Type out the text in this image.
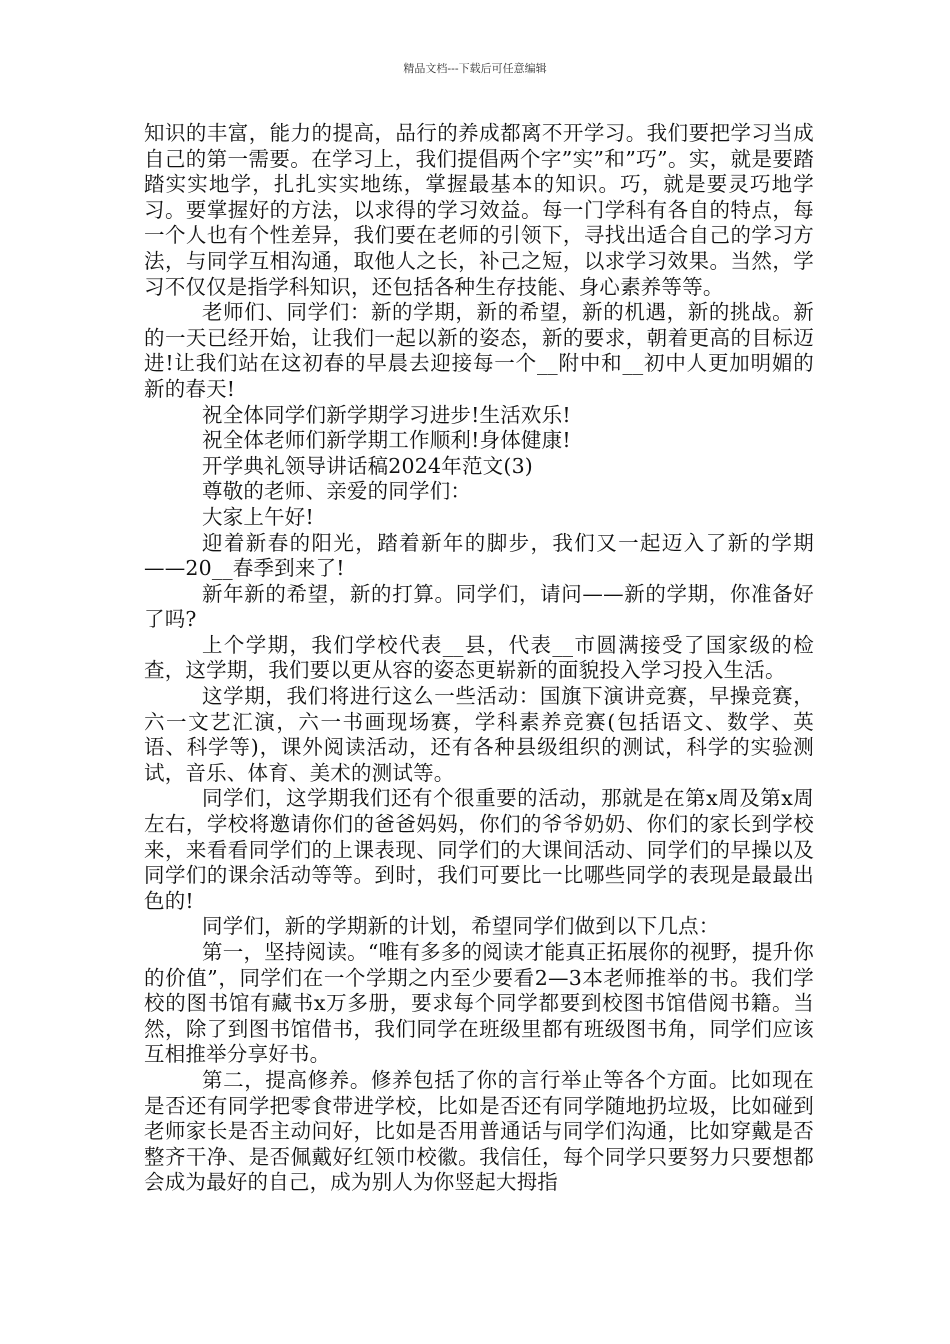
精品文档---下载后可任意编辑

知识的丰富，能力的提高，品行的养成都离不开学习。我们要把学习当成自己的第一需要。在学习上，我们提倡两个字”实”和”巧”。实，就是要踏踏实实地学，扎扎实实地练，掌握最基本的知识。巧，就是要灵巧地学习。要掌握好的方法，以求得的学习效益。每一门学科有各自的特点，每一个人也有个性差异，我们要在老师的引领下，寻找出适合自己的学习方法，与同学互相沟通，取他人之长，补己之短，以求学习效果。当然，学习不仅仅是指学科知识，还包括各种生存技能、身心素养等等。

老师们、同学们：新的学期，新的希望，新的机遇，新的挑战。新的一天已经开始，让我们一起以新的姿态，新的要求，朝着更高的目标迈进!让我们站在这初春的早晨去迎接每一个__附中和__初中人更加明媚的新的春天!

祝全体同学们新学期学习进步!生活欢乐!

祝全体老师们新学期工作顺利!身体健康!

开学典礼领导讲话稿2024年范文(3)

尊敬的老师、亲爱的同学们：

大家上午好!

迎着新春的阳光，踏着新年的脚步，我们又一起迈入了新的学期——20__春季到来了!

新年新的希望，新的打算。同学们，请问——新的学期，你准备好了吗?

上个学期，我们学校代表__县，代表__市圆满接受了国家级的检查，这学期，我们要以更从容的姿态更崭新的面貌投入学习投入生活。

这学期，我们将进行这么一些活动：国旗下演讲竞赛，早操竞赛，六一文艺汇演，六一书画现场赛，学科素养竞赛(包括语文、数学、英语、科学等)，课外阅读活动，还有各种县级组织的测试，科学的实验测试，音乐、体育、美术的测试等。

同学们，这学期我们还有个很重要的活动，那就是在第x周及第x周左右，学校将邀请你们的爸爸妈妈，你们的爷爷奶奶、你们的家长到学校来，来看看同学们的上课表现、同学们的大课间活动、同学们的早操以及同学们的课余活动等等。到时，我们可要比一比哪些同学的表现是最最出色的!

同学们，新的学期新的计划，希望同学们做到以下几点：

第一，坚持阅读。“唯有多多的阅读才能真正拓展你的视野，提升你的价值”，同学们在一个学期之内至少要看2—3本老师推举的书。我们学校的图书馆有藏书x万多册，要求每个同学都要到校图书馆借阅书籍。当然，除了到图书馆借书，我们同学在班级里都有班级图书角，同学们应该互相推举分享好书。

第二，提高修养。修养包括了你的言行举止等各个方面。比如现在是否还有同学把零食带进学校，比如是否还有同学随地扔垃圾，比如碰到老师家长是否主动问好，比如是否用普通话与同学们沟通，比如穿戴是否整齐干净、是否佩戴好红领巾校徽。我信任，每个同学只要努力只要想都会成为最好的自己，成为别人为你竖起大拇指
